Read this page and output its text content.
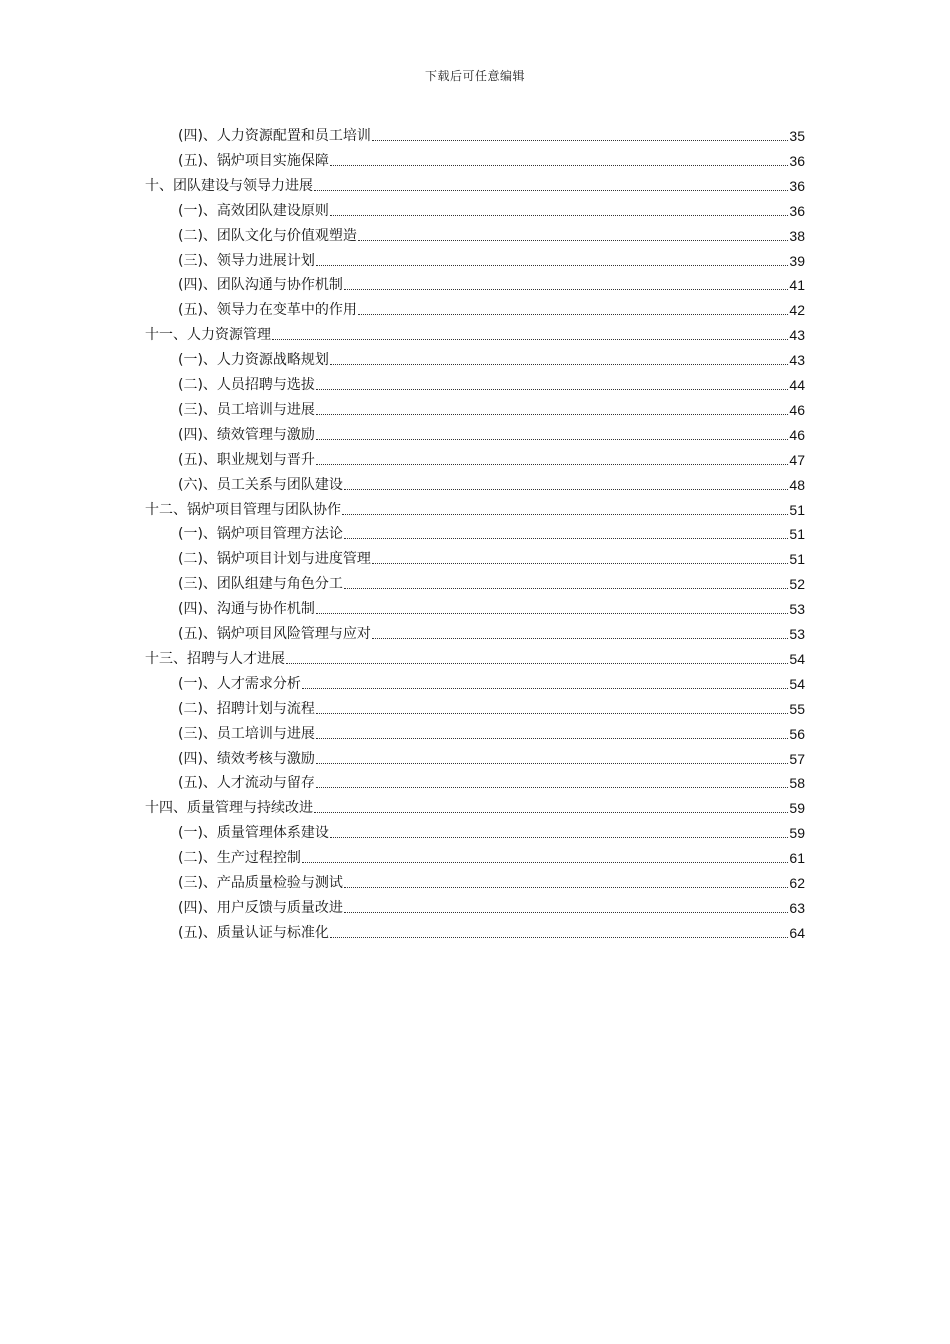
下载后可任意编辑
(四)、人力资源配置和员工培训	35
(五)、锅炉项目实施保障	36
十、团队建设与领导力进展	36
(一)、高效团队建设原则	36
(二)、团队文化与价值观塑造	38
(三)、领导力进展计划	39
(四)、团队沟通与协作机制	41
(五)、领导力在变革中的作用	42
十一、人力资源管理	43
(一)、人力资源战略规划	43
(二)、人员招聘与选拔	44
(三)、员工培训与进展	46
(四)、绩效管理与激励	46
(五)、职业规划与晋升	47
(六)、员工关系与团队建设	48
十二、锅炉项目管理与团队协作	51
(一)、锅炉项目管理方法论	51
(二)、锅炉项目计划与进度管理	51
(三)、团队组建与角色分工	52
(四)、沟通与协作机制	53
(五)、锅炉项目风险管理与应对	53
十三、招聘与人才进展	54
(一)、人才需求分析	54
(二)、招聘计划与流程	55
(三)、员工培训与进展	56
(四)、绩效考核与激励	57
(五)、人才流动与留存	58
十四、质量管理与持续改进	59
(一)、质量管理体系建设	59
(二)、生产过程控制	61
(三)、产品质量检验与测试	62
(四)、用户反馈与质量改进	63
(五)、质量认证与标准化	64
